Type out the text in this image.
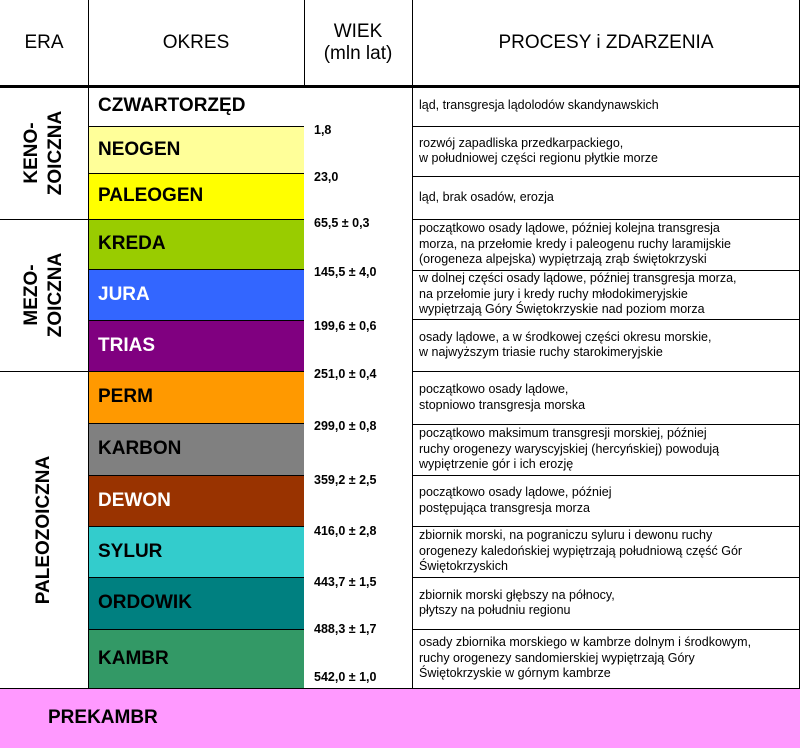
ERA	OKRES
WIEK
(mln lat)
PROCESY i ZDARZENIA
KENO-
ZOICZNA
MEZO-
ZOICZNA
PALEOZOICZNA
CZWARTORZĘD
NEOGEN
PALEOGEN
KREDA
JURA
TRIAS
PERM
KARBON
DEWON
SYLUR
ORDOWIK
KAMBR
1,8
23,0
65,5 ± 0,3
145,5 ± 4,0
199,6 ± 0,6
251,0 ± 0,4
299,0 ± 0,8
359,2 ± 2,5
416,0 ± 2,8
443,7 ± 1,5
488,3 ± 1,7
542,0 ± 1,0
ląd, transgresja lądolodów skandynawskich
rozwój zapadliska przedkarpackiego,
w południowej części regionu płytkie morze
ląd, brak osadów, erozja
początkowo osady lądowe, później kolejna transgresja
morza, na przełomie kredy i paleogenu ruchy laramijskie
(orogeneza alpejska) wypiętrzają zrąb świętokrzyski
w dolnej części osady lądowe, później transgresja morza,
na przełomie jury i kredy ruchy młodokimeryjskie
wypiętrzają Góry Świętokrzyskie nad poziom morza
osady lądowe, a w środkowej części okresu morskie,
w najwyższym triasie ruchy starokimeryjskie
początkowo osady lądowe,
stopniowo transgresja morska
początkowo maksimum transgresji morskiej, później
ruchy orogenezy waryscyjskiej (hercyńskiej) powodują
wypiętrzenie gór i ich erozję
początkowo osady lądowe, później
postępująca transgresja morza
zbiornik morski, na pograniczu syluru i dewonu ruchy
orogenezy kaledońskiej wypiętrzają południową część Gór
Świętokrzyskich
zbiornik morski głębszy na północy,
płytszy na południu regionu
osady zbiornika morskiego w kambrze dolnym i środkowym,
ruchy orogenezy sandomierskiej wypiętrzają Góry
Świętokrzyskie w górnym kambrze
PREKAMBR
